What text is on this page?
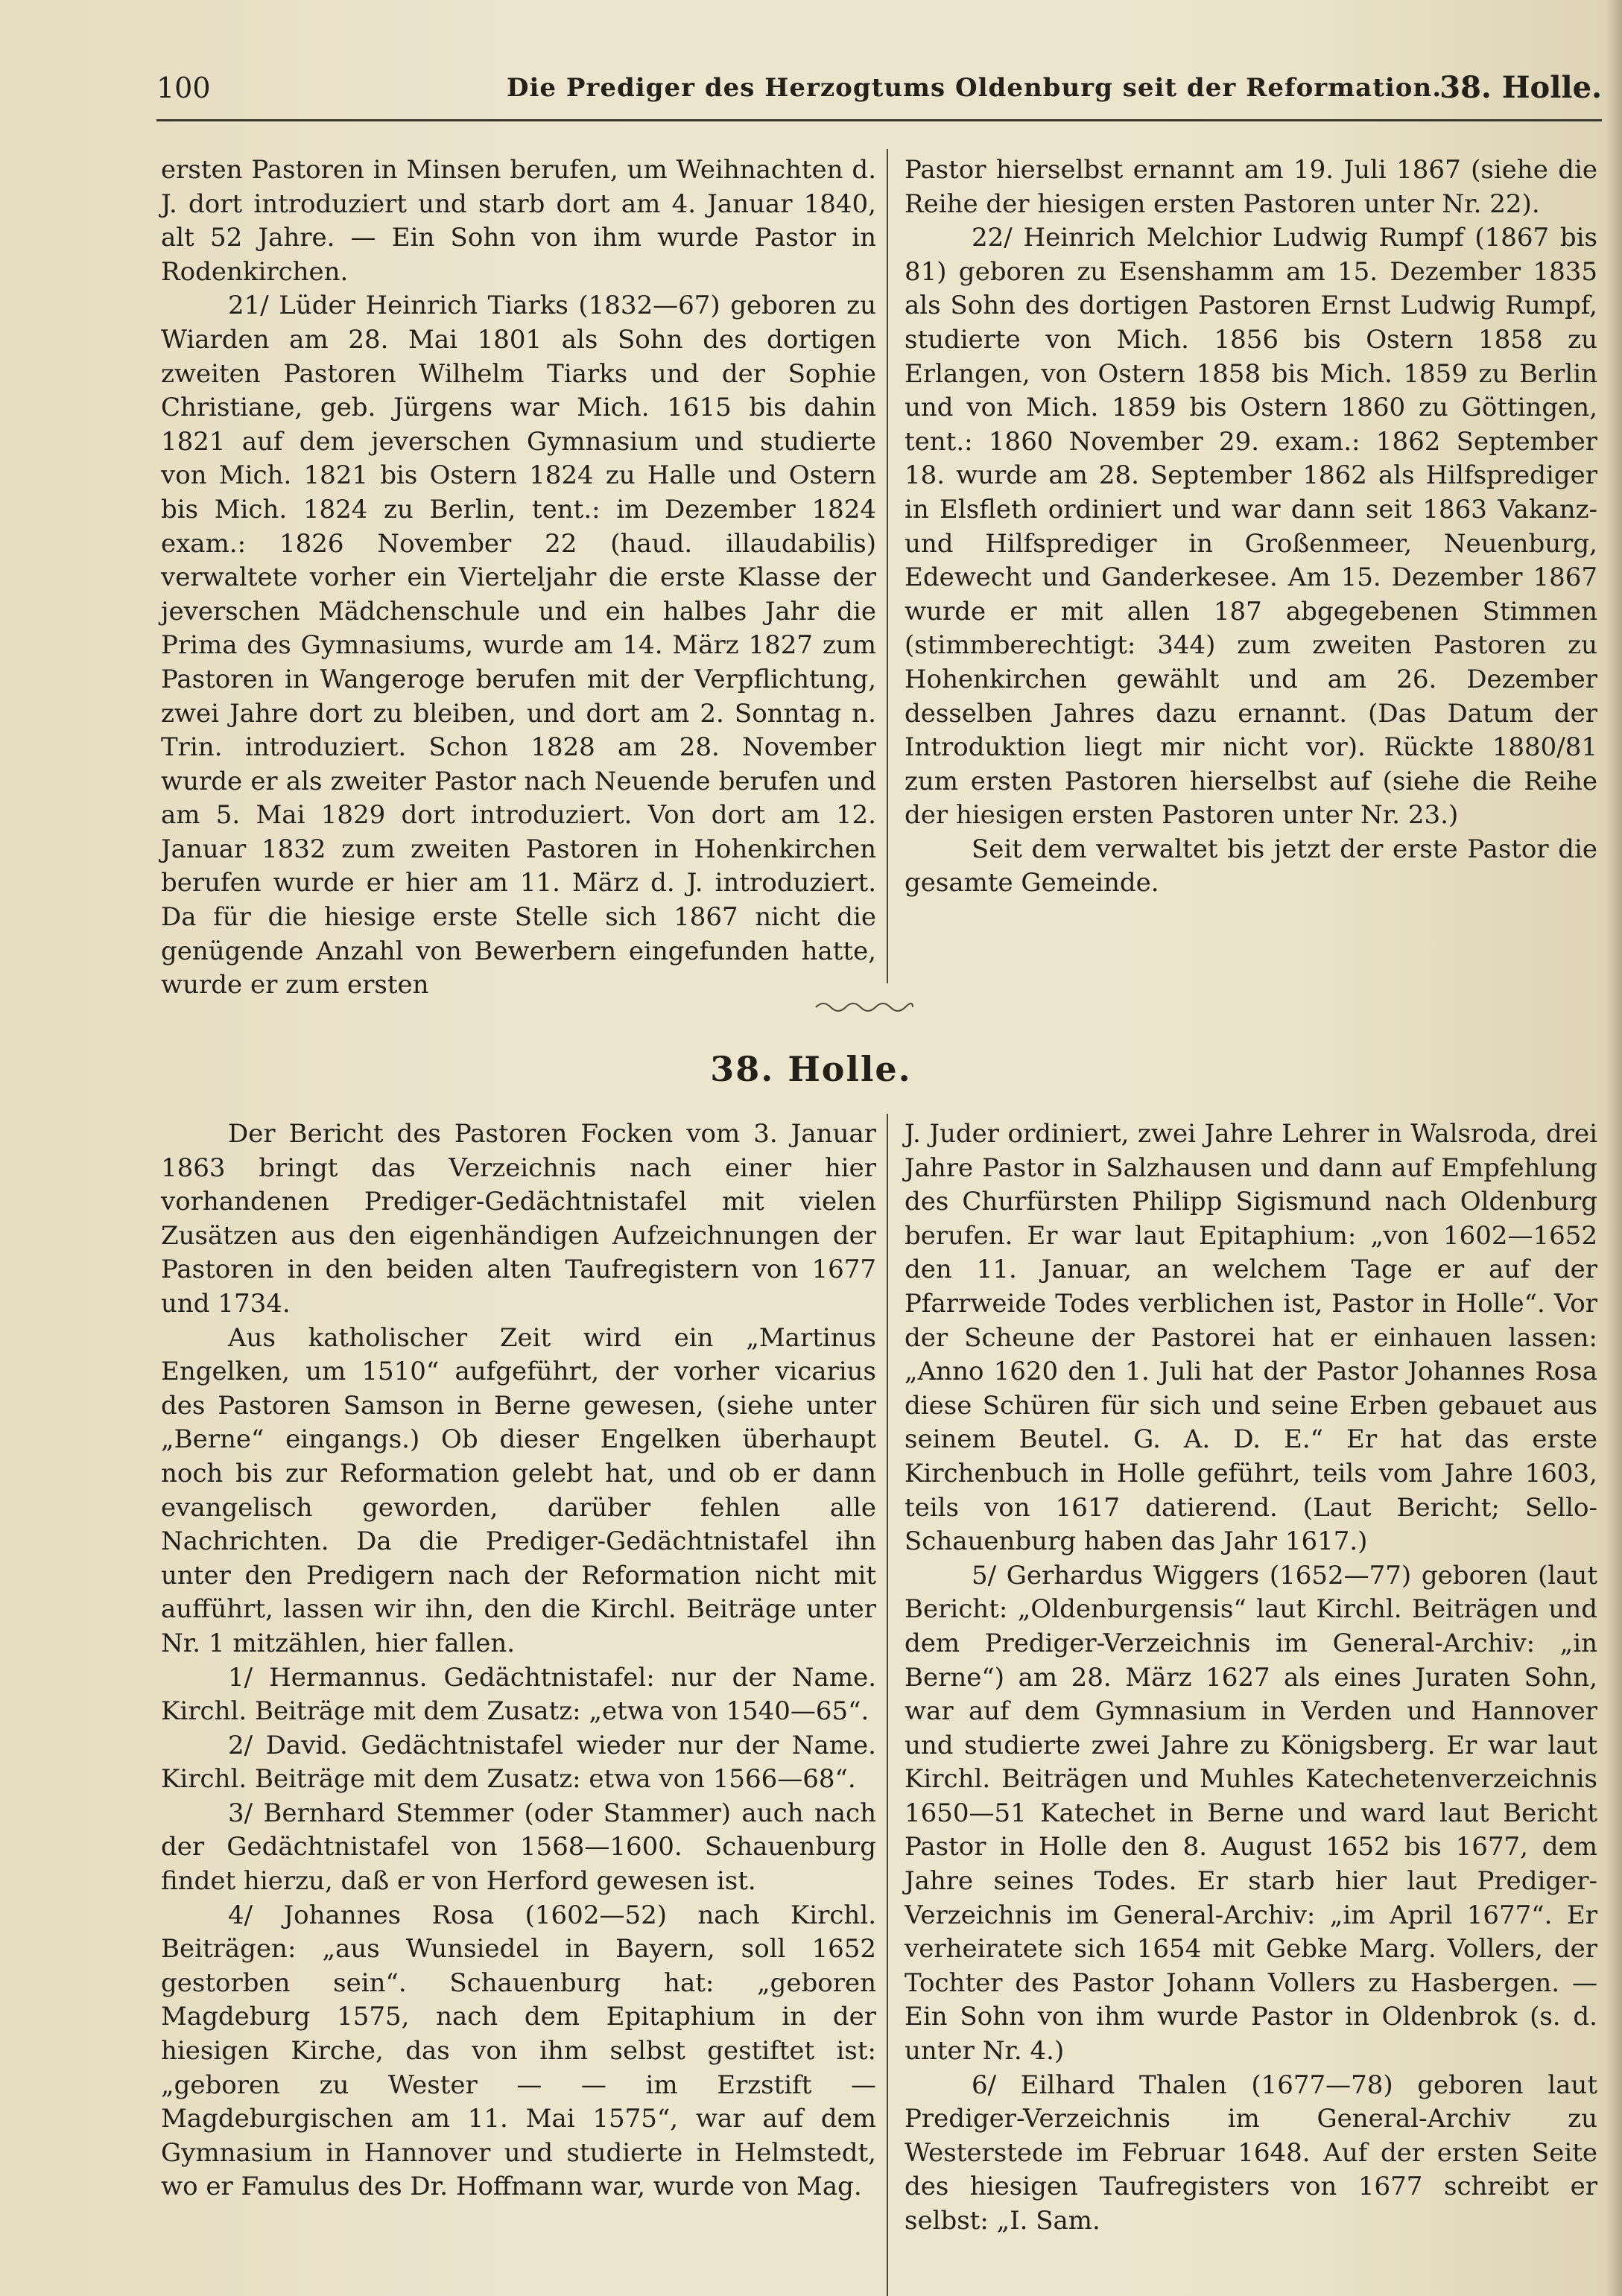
100	Die Prediger des Herzogtums Oldenburg seit der Reformation.
38. Holle.

ersten Pastoren in Minsen berufen, um Weihnachten d. J. dort introduziert und starb dort am 4. Januar 1840, alt 52 Jahre. — Ein Sohn von ihm wurde Pastor in Rodenkirchen.

21/ Lüder Heinrich Tiarks (1832—67) geboren zu Wiarden am 28. Mai 1801 als Sohn des dortigen zweiten Pastoren Wilhelm Tiarks und der Sophie Christiane, geb. Jürgens war Mich. 1615 bis dahin 1821 auf dem jeverschen Gymnasium und studierte von Mich. 1821 bis Ostern 1824 zu Halle und Ostern bis Mich. 1824 zu Berlin, tent.: im Dezember 1824 exam.: 1826 November 22 (haud. illaudabilis) verwaltete vorher ein Vierteljahr die erste Klasse der jeverschen Mädchenschule und ein halbes Jahr die Prima des Gymnasiums, wurde am 14. März 1827 zum Pastoren in Wangeroge berufen mit der Verpflichtung, zwei Jahre dort zu bleiben, und dort am 2. Sonntag n. Trin. introduziert. Schon 1828 am 28. November wurde er als zweiter Pastor nach Neuende berufen und am 5. Mai 1829 dort introduziert. Von dort am 12. Januar 1832 zum zweiten Pastoren in Hohenkirchen berufen wurde er hier am 11. März d. J. introduziert. Da für die hiesige erste Stelle sich 1867 nicht die genügende Anzahl von Bewerbern eingefunden hatte, wurde er zum ersten

Pastor hierselbst ernannt am 19. Juli 1867 (siehe die Reihe der hiesigen ersten Pastoren unter Nr. 22).

22/ Heinrich Melchior Ludwig Rumpf (1867 bis 81) geboren zu Esenshamm am 15. Dezember 1835 als Sohn des dortigen Pastoren Ernst Ludwig Rumpf, studierte von Mich. 1856 bis Ostern 1858 zu Erlangen, von Ostern 1858 bis Mich. 1859 zu Berlin und von Mich. 1859 bis Ostern 1860 zu Göttingen, tent.: 1860 November 29. exam.: 1862 September 18. wurde am 28. September 1862 als Hilfsprediger in Elsfleth ordiniert und war dann seit 1863 Vakanz- und Hilfsprediger in Großenmeer, Neuenburg, Edewecht und Ganderkesee. Am 15. Dezember 1867 wurde er mit allen 187 abgegebenen Stimmen (stimmberechtigt: 344) zum zweiten Pastoren zu Hohenkirchen gewählt und am 26. Dezember desselben Jahres dazu ernannt. (Das Datum der Introduktion liegt mir nicht vor). Rückte 1880/81 zum ersten Pastoren hierselbst auf (siehe die Reihe der hiesigen ersten Pastoren unter Nr. 23.)

Seit dem verwaltet bis jetzt der erste Pastor die gesamte Gemeinde.

38. Holle.

Der Bericht des Pastoren Focken vom 3. Januar 1863 bringt das Verzeichnis nach einer hier vorhandenen Prediger-Gedächtnistafel mit vielen Zusätzen aus den eigenhändigen Aufzeichnungen der Pastoren in den beiden alten Taufregistern von 1677 und 1734.

Aus katholischer Zeit wird ein „Martinus Engelken, um 1510“ aufgeführt, der vorher vicarius des Pastoren Samson in Berne gewesen, (siehe unter „Berne“ eingangs.) Ob dieser Engelken überhaupt noch bis zur Reformation gelebt hat, und ob er dann evangelisch geworden, darüber fehlen alle Nachrichten. Da die Prediger-Gedächtnistafel ihn unter den Predigern nach der Reformation nicht mit aufführt, lassen wir ihn, den die Kirchl. Beiträge unter Nr. 1 mitzählen, hier fallen.

1/ Hermannus. Gedächtnistafel: nur der Name. Kirchl. Beiträge mit dem Zusatz: „etwa von 1540—65“.

2/ David. Gedächtnistafel wieder nur der Name. Kirchl. Beiträge mit dem Zusatz: etwa von 1566—68“.

3/ Bernhard Stemmer (oder Stammer) auch nach der Gedächtnistafel von 1568—1600. Schauenburg findet hierzu, daß er von Herford gewesen ist.

4/ Johannes Rosa (1602—52) nach Kirchl. Beiträgen: „aus Wunsiedel in Bayern, soll 1652 gestorben sein“. Schauenburg hat: „geboren Magdeburg 1575, nach dem Epitaphium in der hiesigen Kirche, das von ihm selbst gestiftet ist: „geboren zu Wester — — im Erzstift — Magdeburgischen am 11. Mai 1575“, war auf dem Gymnasium in Hannover und studierte in Helmstedt, wo er Famulus des Dr. Hoffmann war, wurde von Mag.

J. Juder ordiniert, zwei Jahre Lehrer in Walsroda, drei Jahre Pastor in Salzhausen und dann auf Empfehlung des Churfürsten Philipp Sigismund nach Oldenburg berufen. Er war laut Epitaphium: „von 1602—1652 den 11. Januar, an welchem Tage er auf der Pfarrweide Todes verblichen ist, Pastor in Holle“. Vor der Scheune der Pastorei hat er einhauen lassen: „Anno 1620 den 1. Juli hat der Pastor Johannes Rosa diese Schüren für sich und seine Erben gebauet aus seinem Beutel. G. A. D. E.“ Er hat das erste Kirchenbuch in Holle geführt, teils vom Jahre 1603, teils von 1617 datierend. (Laut Bericht; Sello-Schauenburg haben das Jahr 1617.)

5/ Gerhardus Wiggers (1652—77) geboren (laut Bericht: „Oldenburgensis“ laut Kirchl. Beiträgen und dem Prediger-Verzeichnis im General-Archiv: „in Berne“) am 28. März 1627 als eines Juraten Sohn, war auf dem Gymnasium in Verden und Hannover und studierte zwei Jahre zu Königsberg. Er war laut Kirchl. Beiträgen und Muhles Katechetenverzeichnis 1650—51 Katechet in Berne und ward laut Bericht Pastor in Holle den 8. August 1652 bis 1677, dem Jahre seines Todes. Er starb hier laut Prediger-Verzeichnis im General-Archiv: „im April 1677“. Er verheiratete sich 1654 mit Gebke Marg. Vollers, der Tochter des Pastor Johann Vollers zu Hasbergen. — Ein Sohn von ihm wurde Pastor in Oldenbrok (s. d. unter Nr. 4.)

6/ Eilhard Thalen (1677—78) geboren laut Prediger-Verzeichnis im General-Archiv zu Westerstede im Februar 1648. Auf der ersten Seite des hiesigen Taufregisters von 1677 schreibt er selbst: „I. Sam.
